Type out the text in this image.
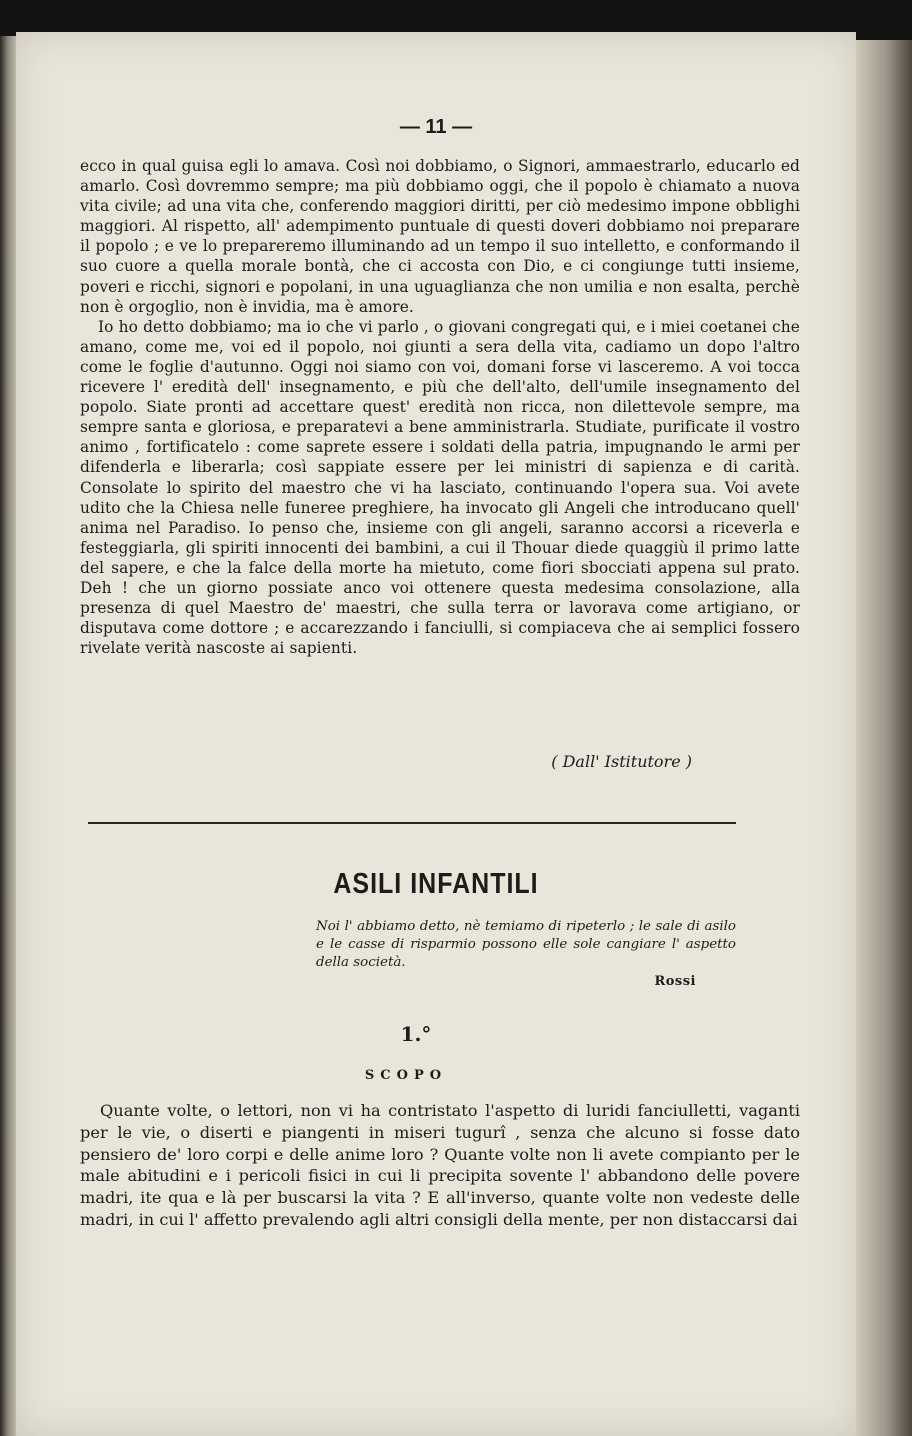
— 11 —

ecco in qual guisa egli lo amava. Così noi dobbiamo, o Signori, ammaestrarlo, educarlo ed amarlo. Così dovremmo sempre; ma più dobbiamo oggi, che il popolo è chiamato a nuova vita civile; ad una vita che, conferendo maggiori diritti, per ciò medesimo impone obblighi maggiori. Al rispetto, all' adempimento puntuale di questi doveri dobbiamo noi preparare il popolo ; e ve lo prepareremo illuminando ad un tempo il suo intelletto, e conformando il suo cuore a quella morale bontà, che ci accosta con Dio, e ci congiunge tutti insieme, poveri e ricchi, signori e popolani, in una uguaglianza che non umilia e non esalta, perchè non è orgoglio, non è invidia, ma è amore.

Io ho detto dobbiamo; ma io che vi parlo , o giovani congregati qui, e i miei coetanei che amano, come me, voi ed il popolo, noi giunti a sera della vita, cadiamo un dopo l'altro come le foglie d'autunno. Oggi noi siamo con voi, domani forse vi lasceremo. A voi tocca ricevere l' eredità dell' insegnamento, e più che dell'alto, dell'umile insegnamento del popolo. Siate pronti ad accettare quest' eredità non ricca, non dilettevole sempre, ma sempre santa e gloriosa, e preparatevi a bene amministrarla. Studiate, purificate il vostro animo , fortificatelo : come saprete essere i soldati della patria, impugnando le armi per difenderla e liberarla; così sappiate essere per lei ministri di sapienza e di carità. Consolate lo spirito del maestro che vi ha lasciato, continuando l'opera sua. Voi avete udito che la Chiesa nelle funeree preghiere, ha invocato gli Angeli che introducano quell' anima nel Paradiso. Io penso che, insieme con gli angeli, saranno accorsi a riceverla e festeggiarla, gli spiriti innocenti dei bambini, a cui il Thouar diede quaggiù il primo latte del sapere, e che la falce della morte ha mietuto, come fiori sbocciati appena sul prato. Deh ! che un giorno possiate anco voi ottenere questa medesima consolazione, alla presenza di quel Maestro de' maestri, che sulla terra or lavorava come artigiano, or disputava come dottore ; e accarezzando i fanciulli, si compiaceva che ai semplici fossero rivelate verità nascoste ai sapienti.

( Dall' Istitutore )
ASILI INFANTILI
Noi l' abbiamo detto, nè temiamo di ripeterlo ; le sale di asilo e le casse di risparmio possono elle sole cangiare l' aspetto della società.
Rossi
1.°
SCOPO

Quante volte, o lettori, non vi ha contristato l'aspetto di luridi fanciulletti, vaganti per le vie, o diserti e piangenti in miseri tugurî , senza che alcuno si fosse dato pensiero de' loro corpi e delle anime loro ? Quante volte non li avete compianto per le male abitudini e i pericoli fisici in cui li precipita sovente l' abbandono delle povere madri, ite qua e là per buscarsi la vita ? E all'inverso, quante volte non vedeste delle madri, in cui l' affetto prevalendo agli altri consigli della mente, per non distaccarsi dai
